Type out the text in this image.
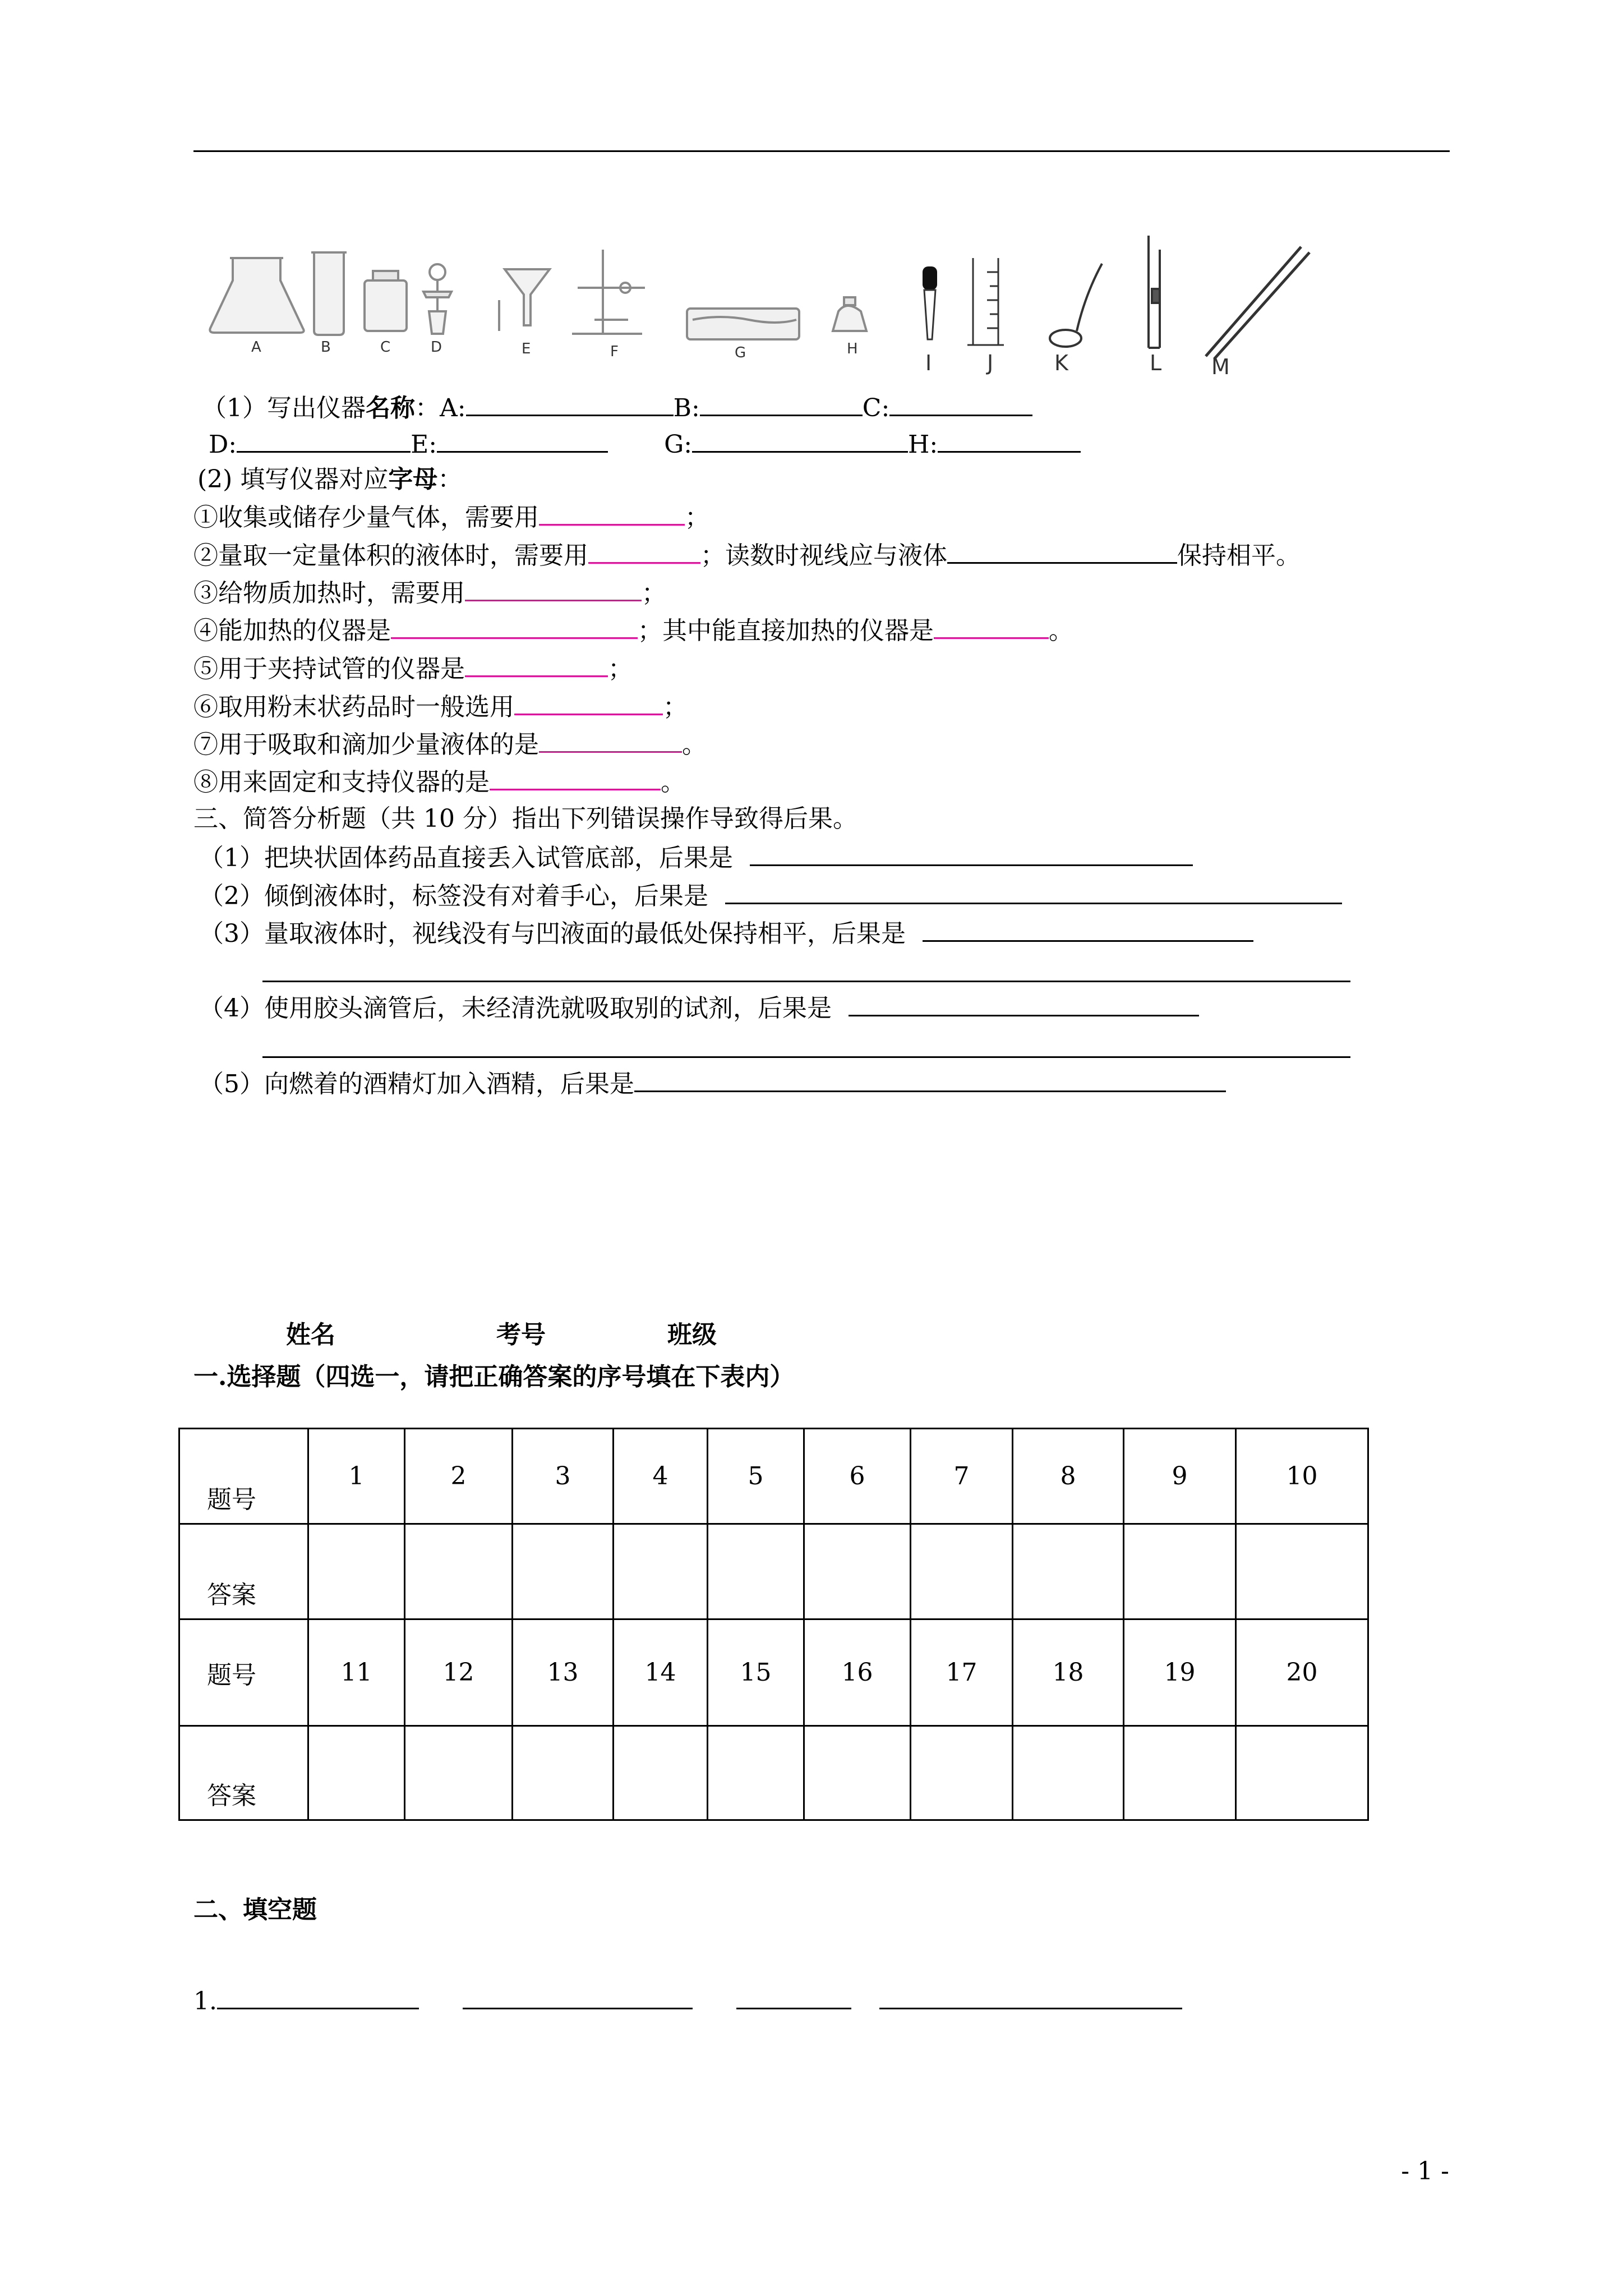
A	B	C	D	E	F	G	H
I	J	K	L M
（1）写出仪器名称：A:	B:	C:
D:	E:	G:	H:
(2) 填写仪器对应字母：
①收集或储存少量气体，需要用	；
②量取一定量体积的液体时，需要用	；读数时视线应与液体	保持相平。
③给物质加热时，需要用	；
④能加热的仪器是	；其中能直接加热的仪器是	。
⑤用于夹持试管的仪器是	；
⑥取用粉末状药品时一般选用	；
⑦用于吸取和滴加少量液体的是	。
⑧用来固定和支持仪器的是	。
三、简答分析题（共 10 分）指出下列错误操作导致得后果。
（1）把块状固体药品直接丢入试管底部，后果是
（2）倾倒液体时，标签没有对着手心，后果是
（3）量取液体时，视线没有与凹液面的最低处保持相平，后果是
（4）使用胶头滴管后，未经清洗就吸取别的试剂，后果是
（5）向燃着的酒精灯加入酒精，后果是
姓名	考号	班级
一.选择题（四选一，请把正确答案的序号填在下表内）
题号	1	2	3	4	5	6	7	8	9	10
答案										
题号	11	12	13	14	15	16	17	18	19	20
答案										
二、填空题
1.
- 1 -
